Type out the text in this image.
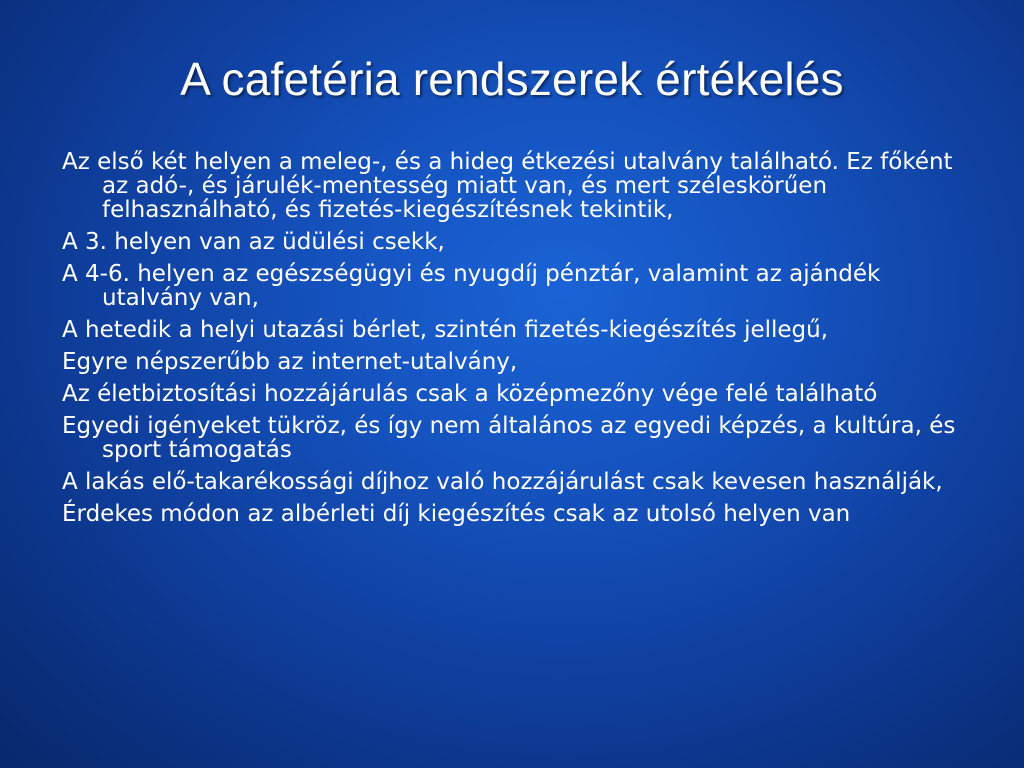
A cafetéria rendszerek értékelés
Az első két helyen a meleg-, és a hideg étkezési utalvány található. Ez főként az adó-, és járulék-mentesség miatt van, és mert széleskörűen felhasználható, és fizetés-kiegészítésnek tekintik,
A 3. helyen van az üdülési csekk,
A 4-6. helyen az egészségügyi és nyugdíj pénztár, valamint az ajándék utalvány van,
A hetedik a helyi utazási bérlet, szintén fizetés-kiegészítés jellegű,
Egyre népszerűbb az internet-utalvány,
Az életbiztosítási hozzájárulás csak a középmezőny vége felé található
Egyedi igényeket tükröz, és így nem általános az egyedi képzés, a kultúra, és sport támogatás
A lakás elő-takarékossági díjhoz való hozzájárulást csak kevesen használják,
Érdekes módon az albérleti díj kiegészítés csak az utolsó helyen van
